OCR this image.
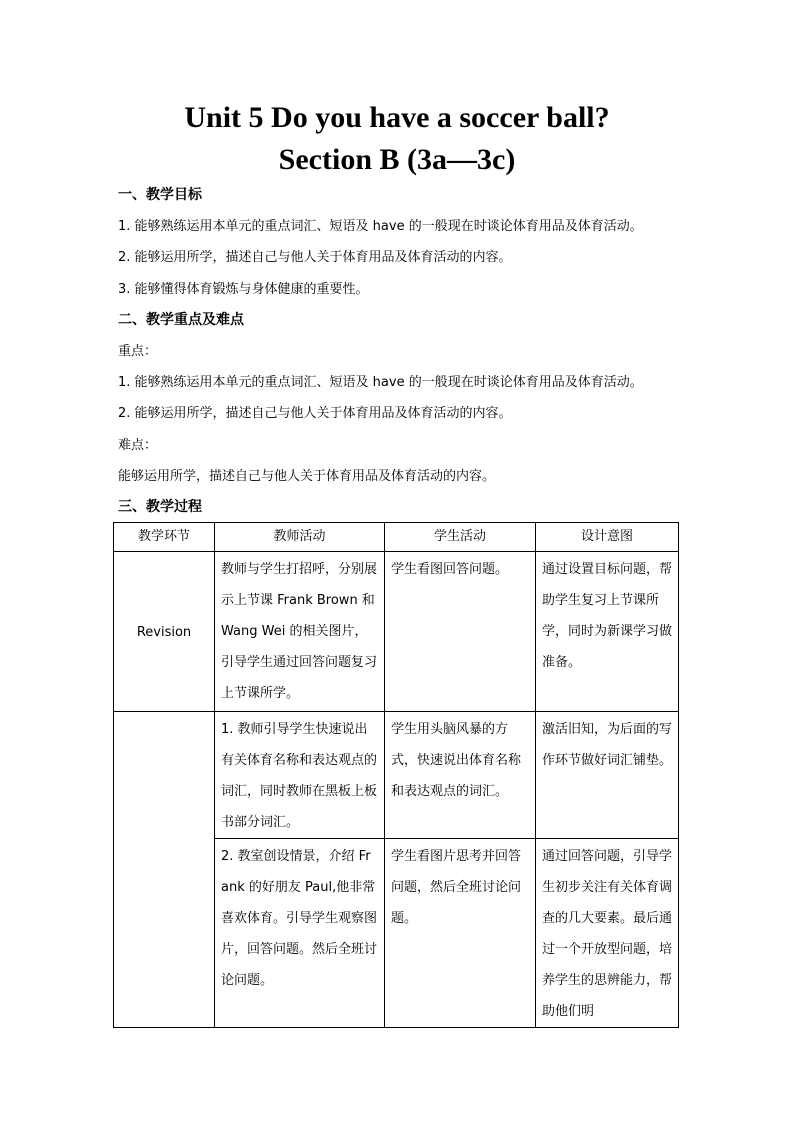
Unit 5 Do you have a soccer ball?
Section B (3a—3c)
一、教学目标
1. 能够熟练运用本单元的重点词汇、短语及 have 的一般现在时谈论体育用品及体育活动。
2. 能够运用所学，描述自己与他人关于体育用品及体育活动的内容。
3. 能够懂得体育锻炼与身体健康的重要性。
二、教学重点及难点
重点：
1. 能够熟练运用本单元的重点词汇、短语及 have 的一般现在时谈论体育用品及体育活动。
2. 能够运用所学，描述自己与他人关于体育用品及体育活动的内容。
难点：
能够运用所学，描述自己与他人关于体育用品及体育活动的内容。
三、教学过程
教学环节	教师活动	学生活动	设计意图
Revision	教师与学生打招呼，分别展示上节课 Frank Brown 和 Wang Wei 的相关图片，引导学生通过回答问题复习上节课所学。	学生看图回答问题。	通过设置目标问题，帮助学生复习上节课所学，同时为新课学习做准备。
	1. 教师引导学生快速说出有关体育名称和表达观点的词汇，同时教师在黑板上板书部分词汇。	学生用头脑风暴的方式，快速说出体育名称和表达观点的词汇。	激活旧知，为后面的写作环节做好词汇铺垫。
	2. 教室创设情景，介绍 Frank 的好朋友 Paul,他非常喜欢体育。引导学生观察图片，回答问题。然后全班讨论问题。	学生看图片思考并回答问题，然后全班讨论问题。	通过回答问题，引导学生初步关注有关体育调查的几大要素。最后通过一个开放型问题，培养学生的思辨能力，帮助他们明
